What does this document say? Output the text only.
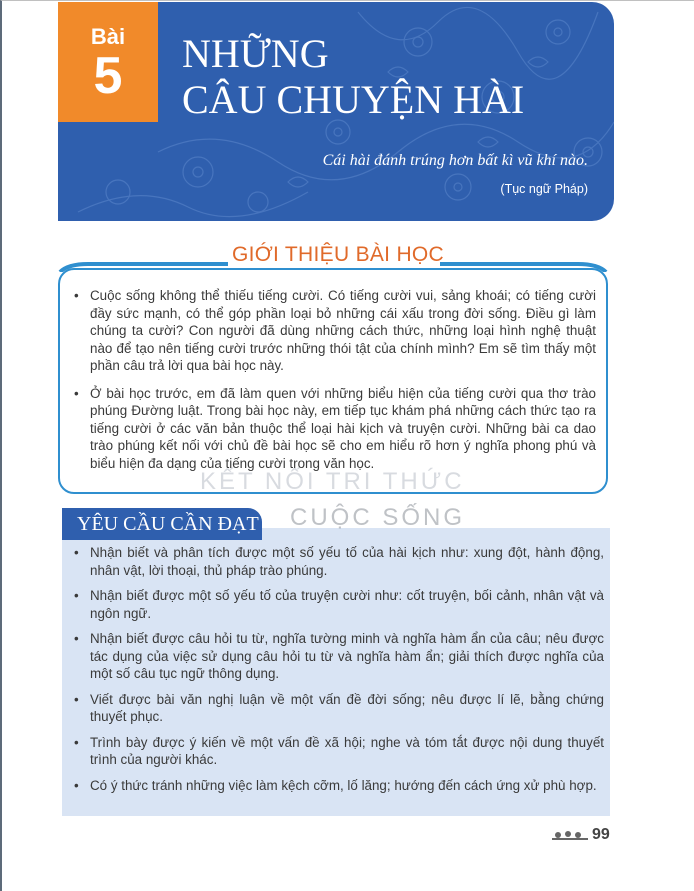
Bài
5	NHỮNG
CÂU CHUYỆN HÀI
Cái hài đánh trúng hơn bất kì vũ khí nào.
(Tục ngữ Pháp)
GIỚI THIỆU BÀI HỌC
KẾT NỐI TRI THỨC
• Cuộc sống không thể thiếu tiếng cười. Có tiếng cười vui, sảng khoái; có tiếng cười đầy sức mạnh, có thể góp phần loại bỏ những cái xấu trong đời sống. Điều gì làm chúng ta cười? Con người đã dùng những cách thức, những loại hình nghệ thuật nào để tạo nên tiếng cười trước những thói tật của chính mình? Em sẽ tìm thấy một phần câu trả lời qua bài học này.
• Ở bài học trước, em đã làm quen với những biểu hiện của tiếng cười qua thơ trào phúng Đường luật. Trong bài học này, em tiếp tục khám phá những cách thức tạo ra tiếng cười ở các văn bản thuộc thể loại hài kịch và truyện cười. Những bài ca dao trào phúng kết nối với chủ đề bài học sẽ cho em hiểu rõ hơn ý nghĩa phong phú và biểu hiện đa dạng của tiếng cười trong văn học.
YÊU CẦU CẦN ĐẠT CUỘC SỐNG
• Nhận biết và phân tích được một số yếu tố của hài kịch như: xung đột, hành động, nhân vật, lời thoại, thủ pháp trào phúng.
• Nhận biết được một số yếu tố của truyện cười như: cốt truyện, bối cảnh, nhân vật và ngôn ngữ.
• Nhận biết được câu hỏi tu từ, nghĩa tường minh và nghĩa hàm ẩn của câu; nêu được tác dụng của việc sử dụng câu hỏi tu từ và nghĩa hàm ẩn; giải thích được nghĩa của một số câu tục ngữ thông dụng.
• Viết được bài văn nghị luận về một vấn đề đời sống; nêu được lí lẽ, bằng chứng thuyết phục.
• Trình bày được ý kiến về một vấn đề xã hội; nghe và tóm tắt được nội dung thuyết trình của người khác.
• Có ý thức tránh những việc làm kệch cỡm, lố lăng; hướng đến cách ứng xử phù hợp.
99
